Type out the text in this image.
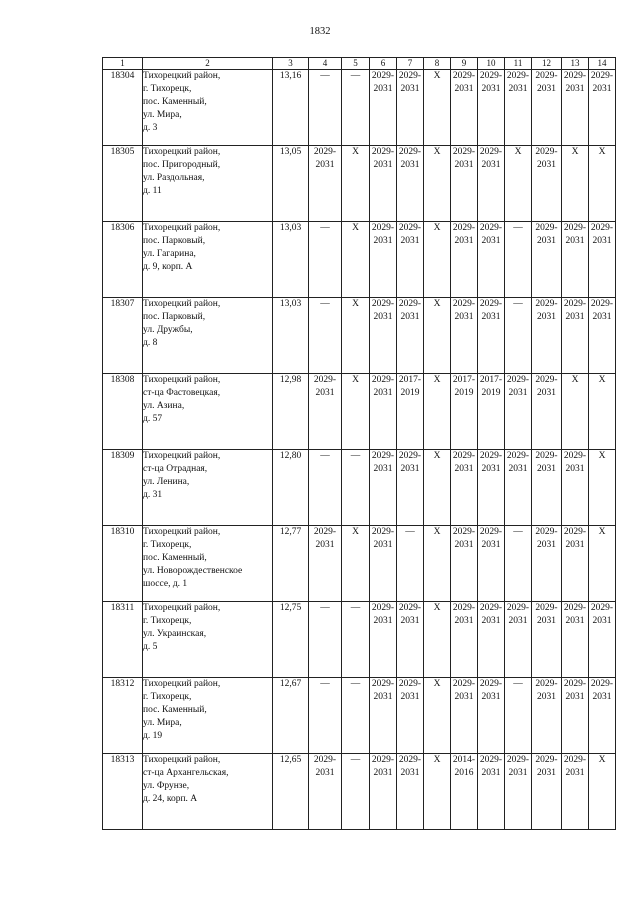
1832
1	2	3	4	5	6	7	8	9	10	11	12	13	14
18304	Тихорецкий район,
г. Тихорецк,
пос. Каменный,
ул. Мира,
д. 3	13,16	—	—	2029-
2031	2029-
2031	X	2029-
2031	2029-
2031	2029-
2031	2029-
2031	2029-
2031	2029-
2031
18305	Тихорецкий район,
пос. Пригородный,
ул. Раздольная,
д. 11	13,05	2029-
2031	X	2029-
2031	2029-
2031	X	2029-
2031	2029-
2031	X	2029-
2031	X	X
18306	Тихорецкий район,
пос. Парковый,
ул. Гагарина,
д. 9, корп. А	13,03	—	X	2029-
2031	2029-
2031	X	2029-
2031	2029-
2031	—	2029-
2031	2029-
2031	2029-
2031
18307	Тихорецкий район,
пос. Парковый,
ул. Дружбы,
д. 8	13,03	—	X	2029-
2031	2029-
2031	X	2029-
2031	2029-
2031	—	2029-
2031	2029-
2031	2029-
2031
18308	Тихорецкий район,
ст-ца Фастовецкая,
ул. Азина,
д. 57	12,98	2029-
2031	X	2029-
2031	2017-
2019	X	2017-
2019	2017-
2019	2029-
2031	2029-
2031	X	X
18309	Тихорецкий район,
ст-ца Отрадная,
ул. Ленина,
д. 31	12,80	—	—	2029-
2031	2029-
2031	X	2029-
2031	2029-
2031	2029-
2031	2029-
2031	2029-
2031	X
18310	Тихорецкий район,
г. Тихорецк,
пос. Каменный,
ул. Новорождественское
шоссе, д. 1	12,77	2029-
2031	X	2029-
2031	—	X	2029-
2031	2029-
2031	—	2029-
2031	2029-
2031	X
18311	Тихорецкий район,
г. Тихорецк,
ул. Украинская,
д. 5	12,75	—	—	2029-
2031	2029-
2031	X	2029-
2031	2029-
2031	2029-
2031	2029-
2031	2029-
2031	2029-
2031
18312	Тихорецкий район,
г. Тихорецк,
пос. Каменный,
ул. Мира,
д. 19	12,67	—	—	2029-
2031	2029-
2031	X	2029-
2031	2029-
2031	—	2029-
2031	2029-
2031	2029-
2031
18313	Тихорецкий район,
ст-ца Архангельская,
ул. Фрунзе,
д. 24, корп. А	12,65	2029-
2031	—	2029-
2031	2029-
2031	X	2014-
2016	2029-
2031	2029-
2031	2029-
2031	2029-
2031	X
